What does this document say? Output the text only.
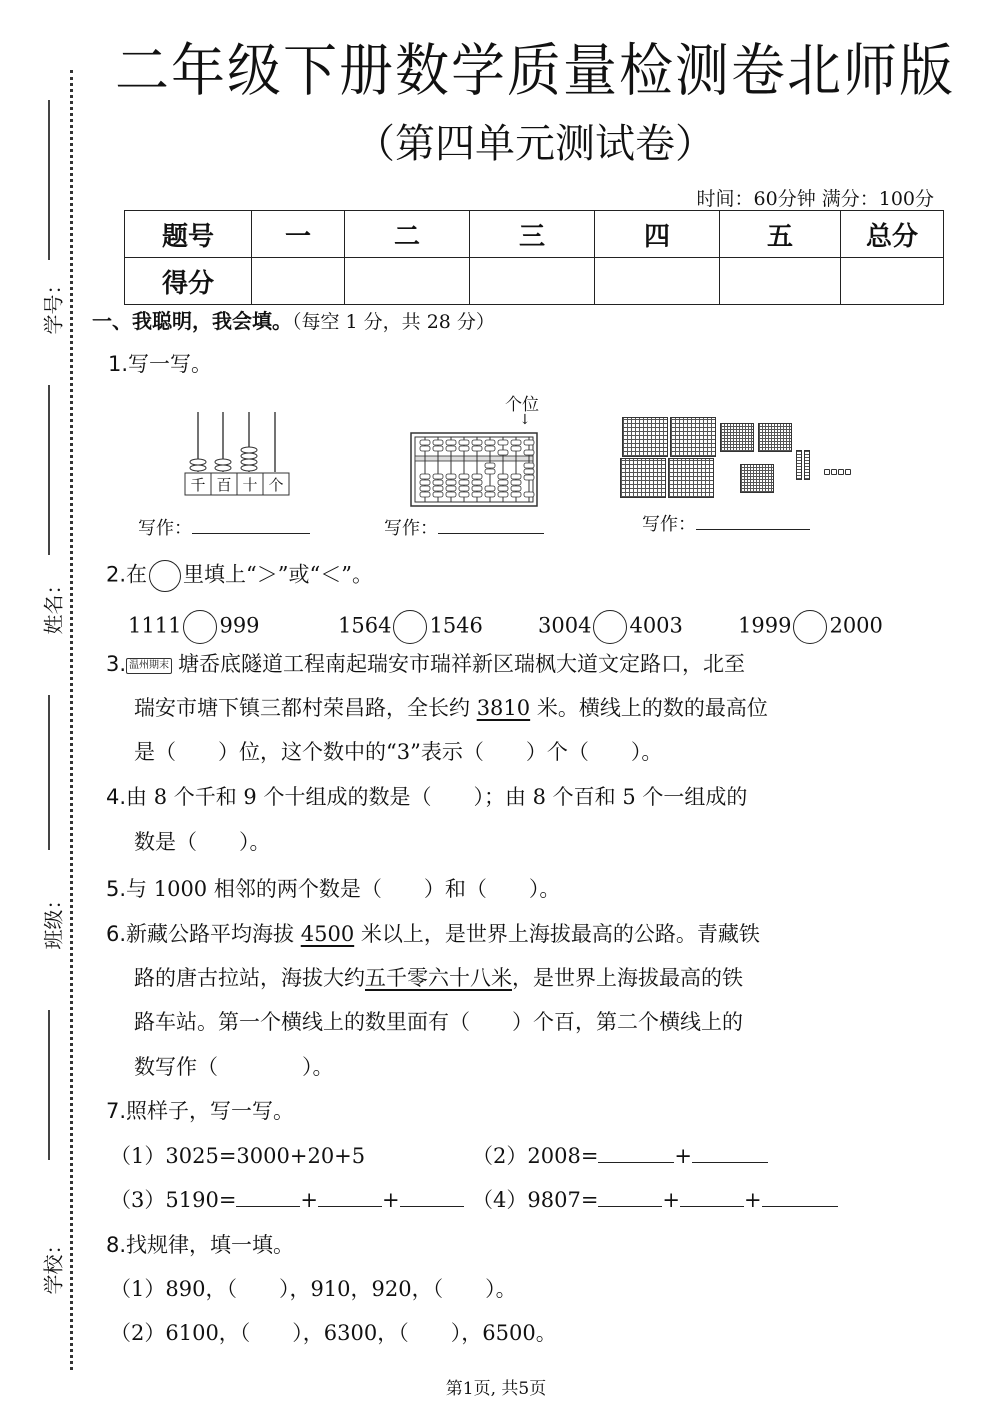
学号：
姓名：
班级：
学校：
二年级下册数学质量检测卷北师版
（第四单元测试卷）
时间：60分钟 满分：100分
题号	一	二	三	四	五	总分
得分						
一、我聪明，我会填。（每空 1 分，共 28 分）
1.写一写。
千 百 十 个
写作：
个位
↓
写作：	写作：
2.在 里填上“＞”或“＜”。
1111 999	1564 1546	3004 4003	1999 2000
3. 温州期末 塘岙底隧道工程南起瑞安市瑞祥新区瑞枫大道文定路口，北至
瑞安市塘下镇三都村荣昌路，全长约 3810 米。横线上的数的最高位
是（　　）位，这个数中的“3”表示（　　）个（　　）。
4.由 8 个千和 9 个十组成的数是（　　）；由 8 个百和 5 个一组成的
数是（　　）。
5.与 1000 相邻的两个数是（　　）和（　　）。
6.新藏公路平均海拔 4500 米以上，是世界上海拔最高的公路。青藏铁
路的唐古拉站，海拔大约五千零六十八米，是世界上海拔最高的铁
路车站。第一个横线上的数里面有（　　）个百，第二个横线上的
数写作（　　　　）。
7.照样子，写一写。
（1）3025=3000+20+5	（2）2008=	+
（3）5190=	+	+	（4）9807=	+	+
8.找规律，填一填。
（1）890，（　　），910，920，（　　）。
（2）6100，（　　），6300，（　　），6500。
第1页, 共5页
